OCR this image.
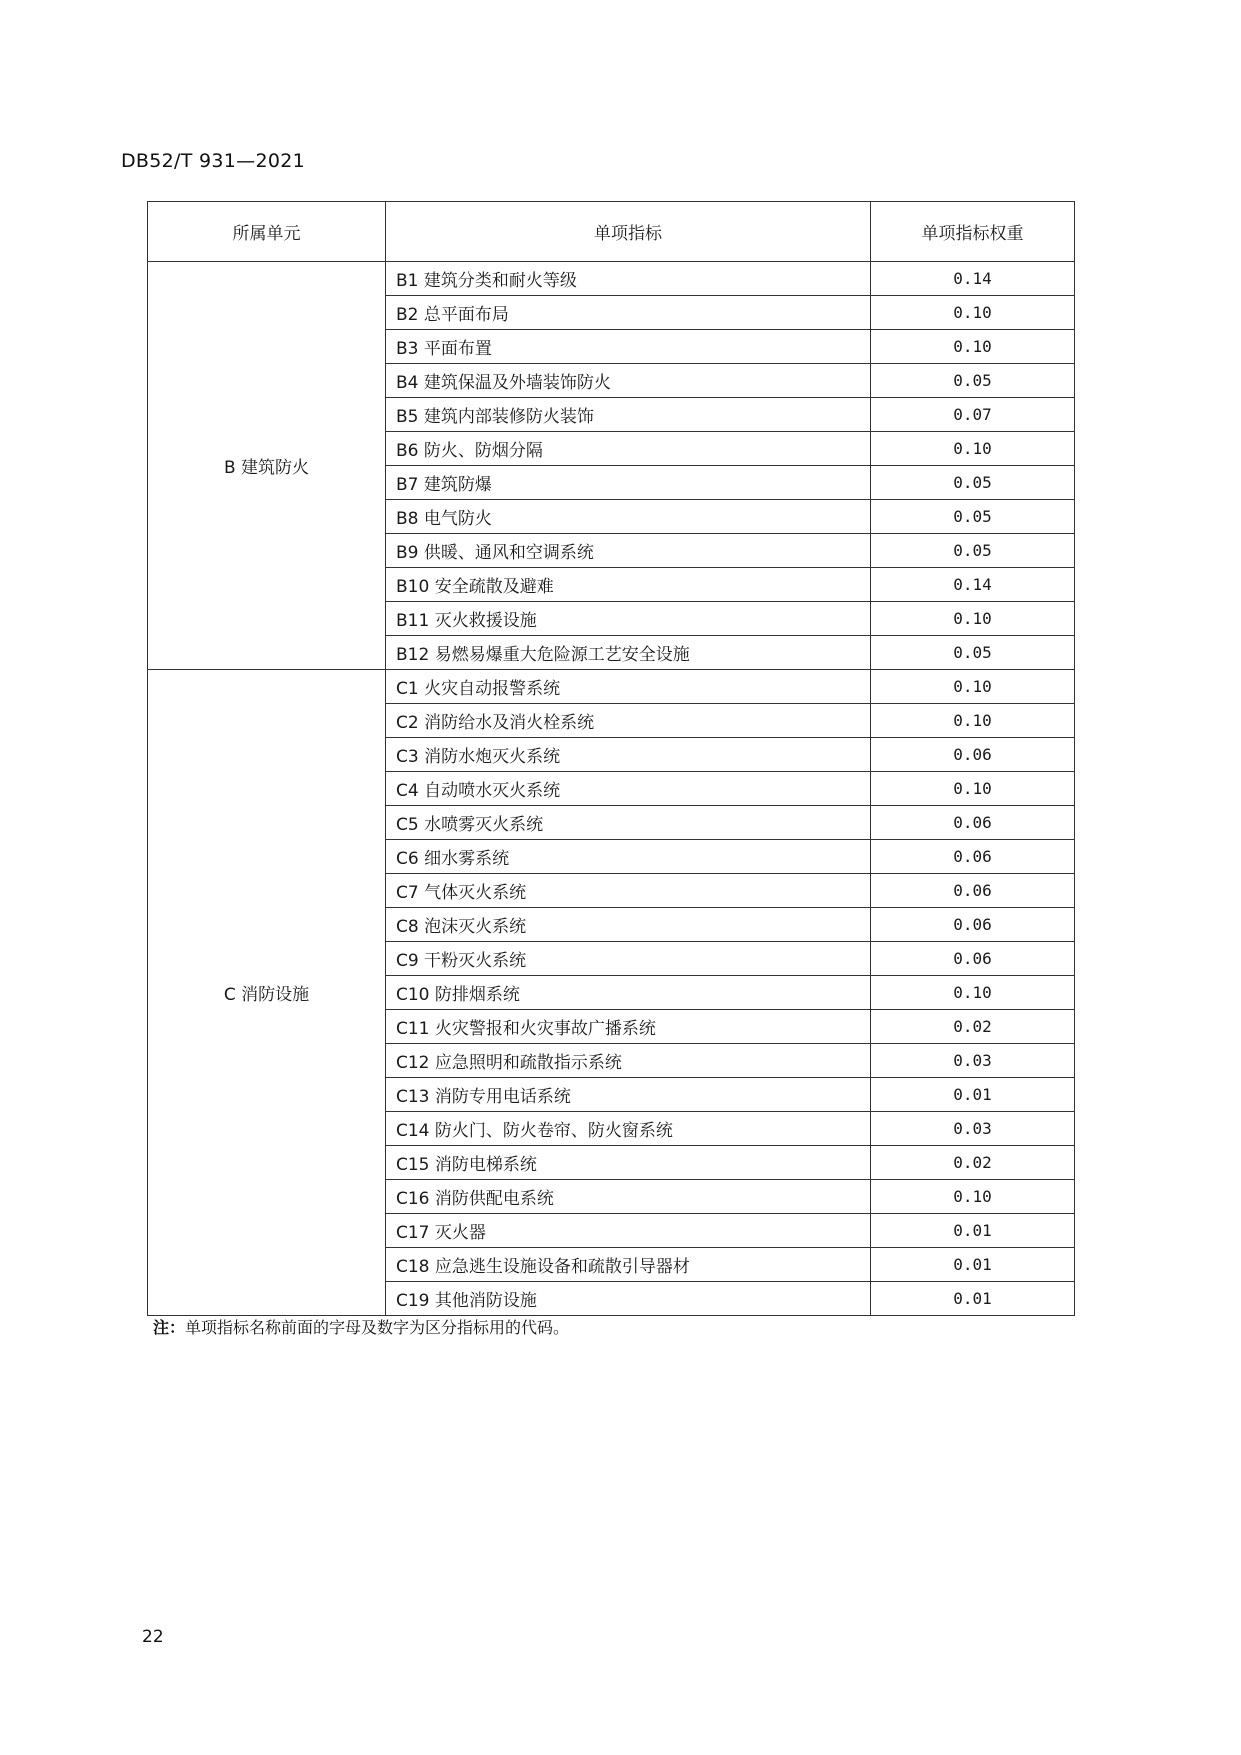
DB52/T 931—2021
所属单元	单项指标	单项指标权重
B 建筑防火	B1 建筑分类和耐火等级	0.14
	B2 总平面布局	0.10
	B3 平面布置	0.10
	B4 建筑保温及外墙装饰防火	0.05
	B5 建筑内部装修防火装饰	0.07
	B6 防火、防烟分隔	0.10
	B7 建筑防爆	0.05
	B8 电气防火	0.05
	B9 供暖、通风和空调系统	0.05
	B10 安全疏散及避难	0.14
	B11 灭火救援设施	0.10
	B12 易燃易爆重大危险源工艺安全设施	0.05
C 消防设施	C1 火灾自动报警系统	0.10
	C2 消防给水及消火栓系统	0.10
	C3 消防水炮灭火系统	0.06
	C4 自动喷水灭火系统	0.10
	C5 水喷雾灭火系统	0.06
	C6 细水雾系统	0.06
	C7 气体灭火系统	0.06
	C8 泡沫灭火系统	0.06
	C9 干粉灭火系统	0.06
	C10 防排烟系统	0.10
	C11 火灾警报和火灾事故广播系统	0.02
	C12 应急照明和疏散指示系统	0.03
	C13 消防专用电话系统	0.01
	C14 防火门、防火卷帘、防火窗系统	0.03
	C15 消防电梯系统	0.02
	C16 消防供配电系统	0.10
	C17 灭火器	0.01
	C18 应急逃生设施设备和疏散引导器材	0.01
	C19 其他消防设施	0.01
注：单项指标名称前面的字母及数字为区分指标用的代码。
22
